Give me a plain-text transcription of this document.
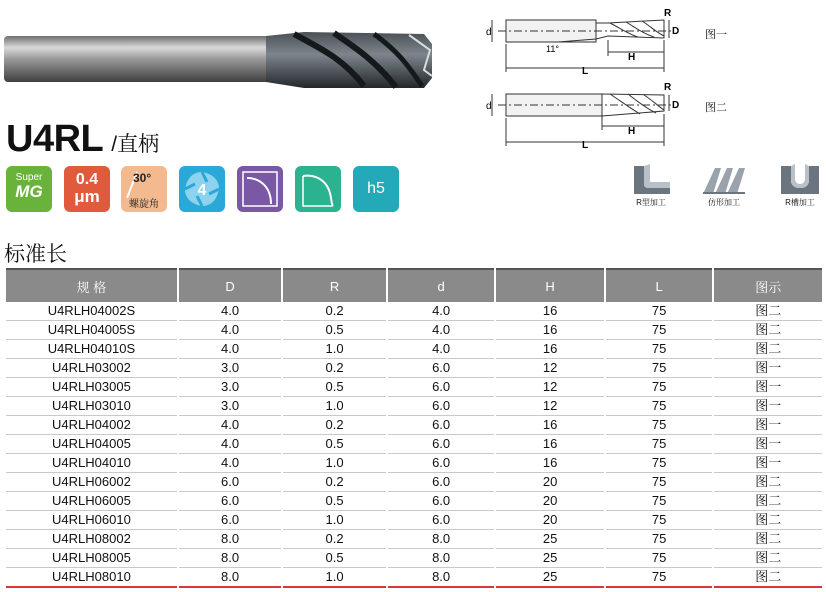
U4RL /直柄
Super
MG
0.4
μm
30°
螺旋角
4	h5
d	D
R
H
L
11°
图一
d	D
R
H
L
图二
R型加工	仿形加工	R槽加工
标准长
规 格	D	R	d	H	L	图示
U4RLH04002S	4.0	0.2	4.0	16	75	图二
U4RLH04005S	4.0	0.5	4.0	16	75	图二
U4RLH04010S	4.0	1.0	4.0	16	75	图二
U4RLH03002	3.0	0.2	6.0	12	75	图一
U4RLH03005	3.0	0.5	6.0	12	75	图一
U4RLH03010	3.0	1.0	6.0	12	75	图一
U4RLH04002	4.0	0.2	6.0	16	75	图一
U4RLH04005	4.0	0.5	6.0	16	75	图一
U4RLH04010	4.0	1.0	6.0	16	75	图一
U4RLH06002	6.0	0.2	6.0	20	75	图二
U4RLH06005	6.0	0.5	6.0	20	75	图二
U4RLH06010	6.0	1.0	6.0	20	75	图二
U4RLH08002	8.0	0.2	8.0	25	75	图二
U4RLH08005	8.0	0.5	8.0	25	75	图二
U4RLH08010	8.0	1.0	8.0	25	75	图二
